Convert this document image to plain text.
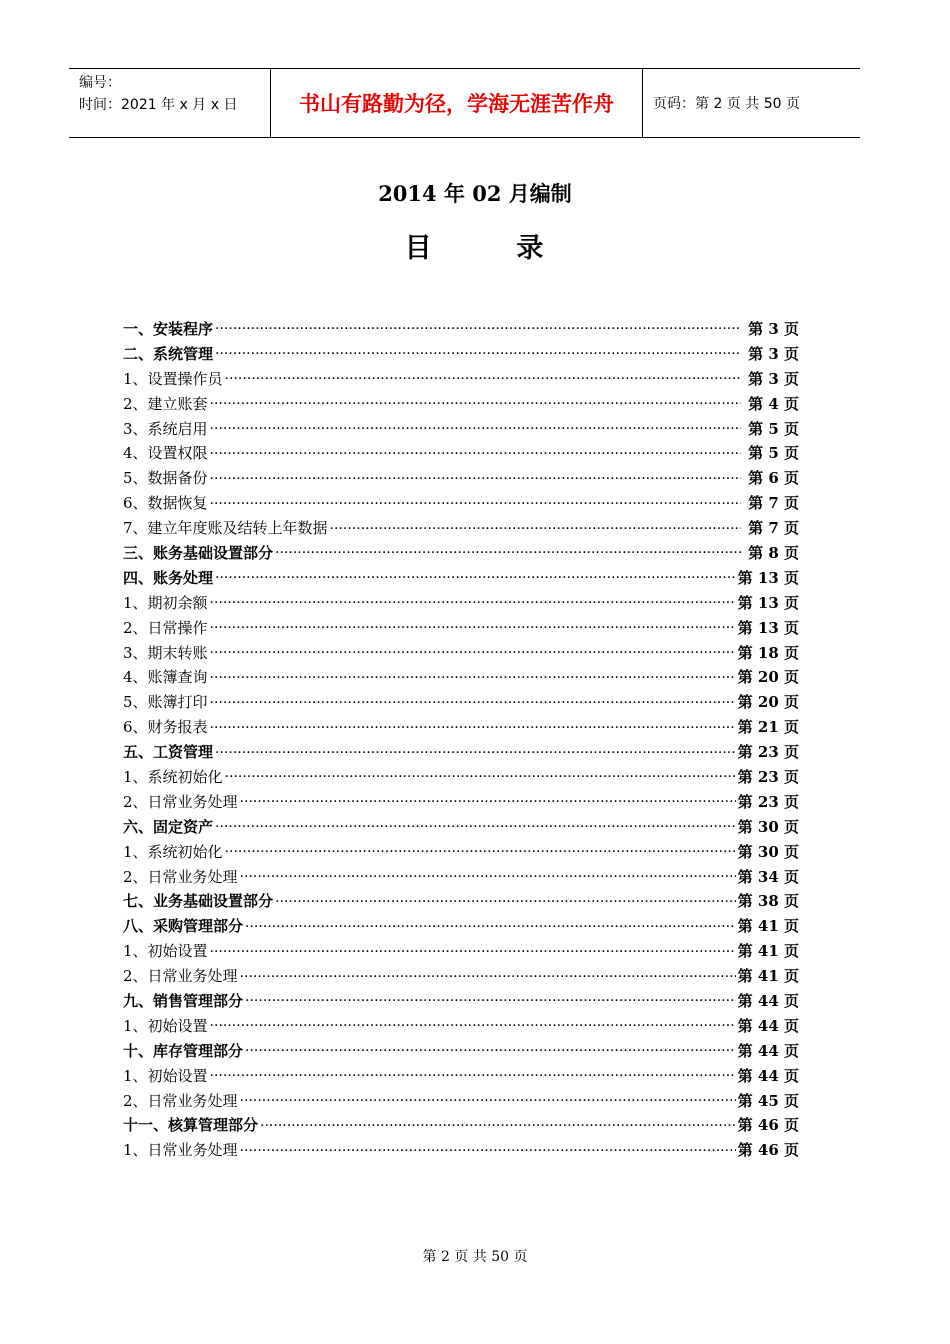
编号：
时间：2021 年 x 月 x 日	书山有路勤为径，学海无涯苦作舟	页码：第 2 页 共 50 页
2014 年 02 月编制
目	录
一、安装程序 ·····	第 3 页
二、系统管理 ·····	第 3 页
1、设置操作员 ·····	第 3 页
2、建立账套 ·····	第 4 页
3、系统启用 ·····	第 5 页
4、设置权限 ·····	第 5 页
5、数据备份 ·····	第 6 页
6、数据恢复 ·····	第 7 页
7、建立年度账及结转上年数据 ·····	第 7 页
三、账务基础设置部分 ·····	第 8 页
四、账务处理 ·····	第 13 页
1、期初余额 ·····	第 13 页
2、日常操作 ·····	第 13 页
3、期末转账 ·····	第 18 页
4、账簿查询 ·····	第 20 页
5、账簿打印 ·····	第 20 页
6、财务报表 ·····	第 21 页
五、工资管理 ·····	第 23 页
1、系统初始化 ·····	第 23 页
2、日常业务处理 ·····	第 23 页
六、固定资产 ·····	第 30 页
1、系统初始化 ·····	第 30 页
2、日常业务处理 ·····	第 34 页
七、业务基础设置部分 ·····	第 38 页
八、采购管理部分 ·····	第 41 页
1、初始设置 ·····	第 41 页
2、日常业务处理 ·····	第 41 页
九、销售管理部分 ·····	第 44 页
1、初始设置 ·····	第 44 页
十、库存管理部分 ·····	第 44 页
1、初始设置 ·····	第 44 页
2、日常业务处理 ·····	第 45 页
十一、核算管理部分 ·····	第 46 页
1、日常业务处理 ·····	第 46 页
第 2 页 共 50 页
